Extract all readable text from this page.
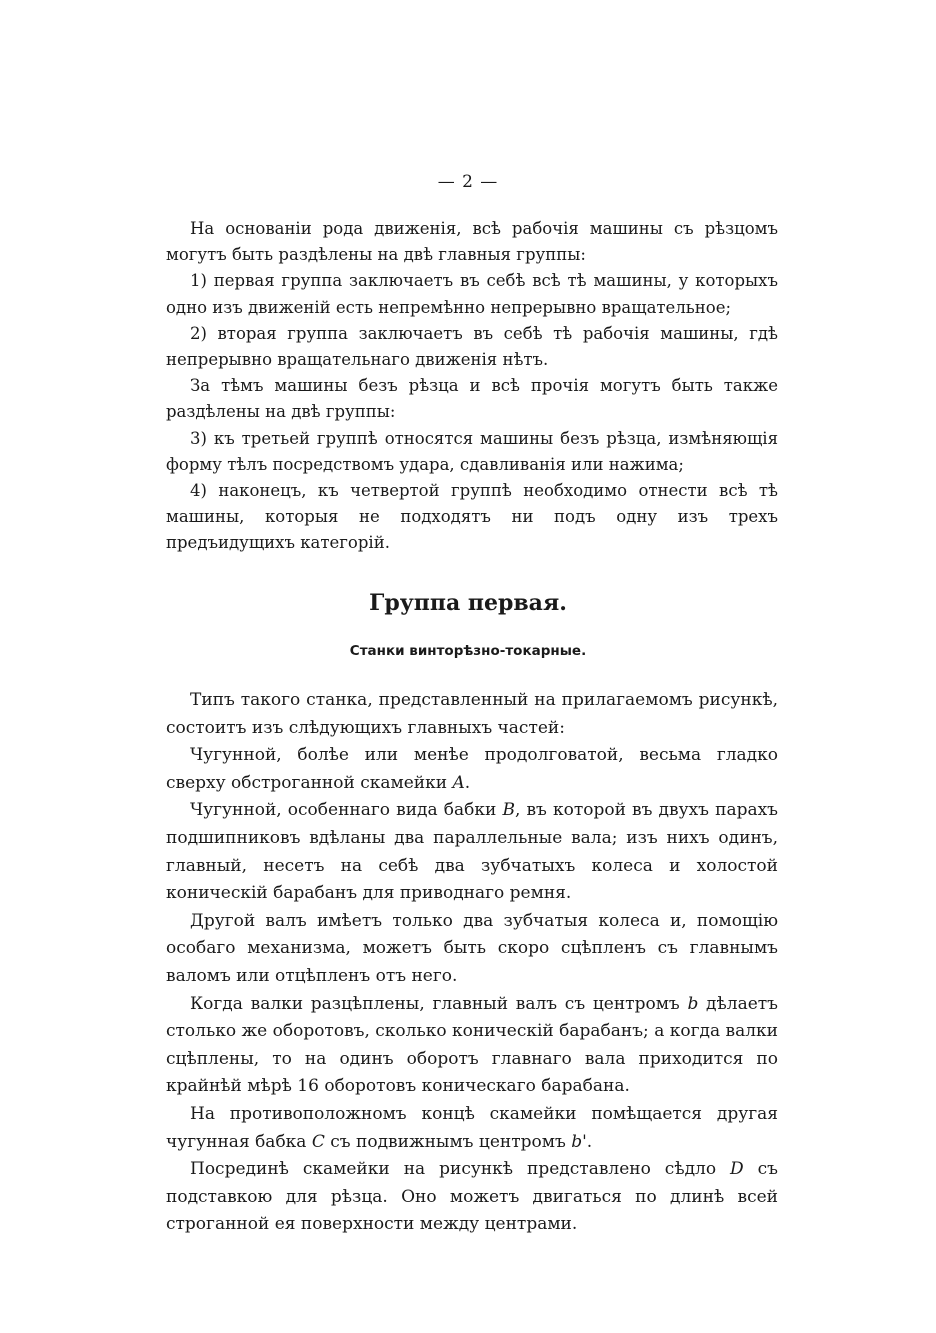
— 2 —

На основаніи рода движенія, всѣ рабочія машины съ рѣзцомъ могутъ быть раздѣлены на двѣ главныя группы:

1) первая группа заключаетъ въ себѣ всѣ тѣ машины, у которыхъ одно изъ движеній есть непремѣнно непрерывно вращательное;

2) вторая группа заключаетъ въ себѣ тѣ рабочія машины, гдѣ непрерывно вращательнаго движенія нѣтъ.

За тѣмъ машины безъ рѣзца и всѣ прочія могутъ быть также раздѣлены на двѣ группы:

3) къ третьей группѣ относятся машины безъ рѣзца, измѣняющія форму тѣлъ посредствомъ удара, сдавливанія или нажима;

4) наконецъ, къ четвертой группѣ необходимо отнести всѣ тѣ машины, которыя не подходятъ ни подъ одну изъ трехъ предъидущихъ категорій.

Группа первая.
Станки винторѣзно-токарные.

Типъ такого станка, представленный на прилагаемомъ рисункѣ, состоитъ изъ слѣдующихъ главныхъ частей:

Чугунной, болѣе или менѣе продолговатой, весьма гладко сверху обстроганной скамейки A.

Чугунной, особеннаго вида бабки B, въ которой въ двухъ парахъ подшипниковъ вдѣланы два параллельные вала; изъ нихъ одинъ, главный, несетъ на себѣ два зубчатыхъ колеса и холостой коническій барабанъ для приводнаго ремня.

Другой валъ имѣетъ только два зубчатыя колеса и, помощію особаго механизма, можетъ быть скоро сцѣпленъ съ главнымъ валомъ или отцѣпленъ отъ него.

Когда валки разцѣплены, главный валъ съ центромъ b дѣлаетъ столько же оборотовъ, сколько коническій барабанъ; а когда валки сцѣплены, то на одинъ оборотъ главнаго вала приходится по крайнѣй мѣрѣ 16 оборотовъ коническаго барабана.

На противоположномъ концѣ скамейки помѣщается другая чугунная бабка C съ подвижнымъ центромъ b'.

Посрединѣ скамейки на рисункѣ представлено сѣдло D съ подставкою для рѣзца. Оно можетъ двигаться по длинѣ всей строганной ея поверхности между центрами.
